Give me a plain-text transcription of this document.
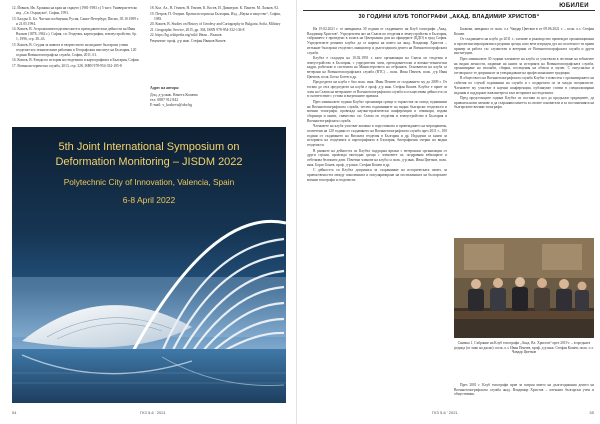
12. Йовков, Ив. Хроника на края на сърцето (1981-1983 г.) 5 част. Университетско изд. „Св. Охридски“, София, 1991.

13. Балдъо Б. Бл. Частни съобщения, Русия, Санкт-Петербург, Писмо, 05.10.1989 г. и 21.05.1994.

14. Кошев, В. Астрономичегеодезическите и преподавателски дейности на Иван Вълков (1878–1962 г.). София, сп. Геодезия, картография, землеустройство, бр. 1, 1996, стр. 38–43.

15. Кошев, В. Студия за живота и творчеството на видните български учени геодезисти и техническият работник в Географския институт на България, 120 години Военнотопографска служба, София, 2011, 61.

16. Кошев, В. Етюди по история на геодезията и картографията в България, София.

17. Военноисторическа служба, 2013, стр. 328, ISBN 978-954-332-105-8

18. Кол. Ал., В. Генчев, Н. Генчев, К. Косев, И. Димитров. К. Пантев. М. Лалков, 92.

19. Петров, П. Очерки. Кратка история на България, Изд. „Наука и изкуство“, София, 1983.

20. Кошев, В. Studies on History of Geodesy and Cartography in Bulgaria, Sofia, Military

21. Geographic Service, 2015, pp. 304, ISBN 978-954-332-136-8

22. https://bg.wikipedia.org/wiki/ Иван – Вълков

Рецензент: проф. д-р инж. Стефан Иванов Кошев

Адрес на автора:
Доц. д-р инж. Венета Кошева
тел: 0887 912 842
E-mail: v_kosheva@abv.bg
5th Joint International Symposium on
Deformation Monitoring – JISDM 2022
Polytechnic City of Innovation, Valencia, Spain
6-8 April 2022
54	ГКЗ 5-6 ' 2021
ЮБИЛЕИ
30 ГОДИНИ КЛУБ ТОПОГРАФИ „АКАД. ВЛАДИМИР ХРИСТОВ“

На 19.02.2021 г. се навършиха 30 години от създаването на Клуб топографи „Акад. Владимир Христов“. Учредителен акт на Съюза по геодезия и земеустройство в България, събранието е проведено в залата на Централния дом на офицерите (ЦДО) в град София. Учредителите решават клубът да се нарича на името на акад. Владимир Христов – изтъкнат български геодезист, инициатор и дългогодишен деятел на Военнотопографската служба.

Клубът е създаден на 10.02.1991 г. като организация на Съюза по геодезия и земеустройство в България, с учредителен член, преподавателски и военно-технически кадри, работили в системата на Министерството на отбраната. Основатели на клуба са ветерани на Военнотопографската служба (ВТС) – полк. Иван Пенчев, полк. д-р Иван Цветков, полк. Ботьо Ботев и др.

Председател на клуба е бил полк. инж. Иван Пенчев от създаването му до 2009 г. От тогава до сега председател на клуба е проф. д-р инж. Стефан Кошев. Клубът е приет за член на Съюза на ветераните от Военнотопографската служба и осъществява дейността си в съответствие с устава и вътрешните правила.

През изминалите години Клубът организира срещи и тържества по повод годишнини на Военнотопографската служба, чества годишнините на видни български геодезисти и военни топографи, провежда научно-практически конференции и семинари, издава сборници и книги, съвместно със Съюза по геодезия и земеустройство в България и Военногеографската служба.

Членовете на клуба участват активно в подготовката и провеждането на мероприятия, посветени на 120 години от създаването на Военнотопографската служба през 2011 г., 100 години от създаването на Висшата геодезия в България и др. Издадени са книги за историята на геодезията и картографията в България, биографични очерки на видни геодезисти.

В рамките на дейността си Клубът поддържа връзки с ветерански организации от други страни, провежда ежегодни срещи с членовете си, поздравява юбилярите и отбелязва бележити дати. Почетни членове на клуба са полк. д-р инж. Иван Цветков, полк. инж. Борис Бонев, проф. д-р инж. Стефан Кошев и др.

С дейността си Клубът допринася за съхраняване на историческата памет, за приемствеността между поколенията и популяризиране на постиженията на българските военни топографи и геодезисти.

Бялкова, завършил от полк. о.з. Чавдар Цветков в от 09.06.2021 г. – полк. о.з. Стефан Кошев.

От създаването на клуба до 2011 г., членове и ръководство провеждат организационни и просветни мероприятия и редовни срещи, като вече изграден дух на сплотеност ги прави пример за работа със служители и ветерани от Военнотопографската служба и други институции.

През изминалите 30 години членовете на клуба са участвали в честване на юбилеите на видни личности, издаване на книги за историята на Военнотопографската служба, организиране на изложби, сбирки, посещения на обекти и музеи. С ентусиазъм и отговорност те допринасят за утвърждаване на професионалните традиции.

В обществото на Военнотопографската служба Клубът е известен с организирането на събития по случай годишнини на служба и с подкрепата си за млади специалисти. Членовете му участват в научни конференции, публикуват статии в специализирани издания и поддържат жив интереса към историята на геодезията.

Пред предстоящите години Клубът си поставя за цел да продължи традициите, да привлича нови членове и да съхранява паметта за своите основатели и за постиженията на българските военни топографи.

Снимка 1. Събрание на Клуб топографи „Акад. Вл. Христов“ през 2019 г. – в предната редица (от ляво на дясно): полк. о.з. Иван Пенчев, проф. д-р инж. Стефан Кошев, полк. о.з. Чавдар Цветков

През 2001 г. Клуб топографи прие за патрон името на дългогодишния деятел на Военнотопографската служба акад. Владимир Христов – изтъкнат български учен и общественик.

ГКЗ 5-6 ' 2021	55
